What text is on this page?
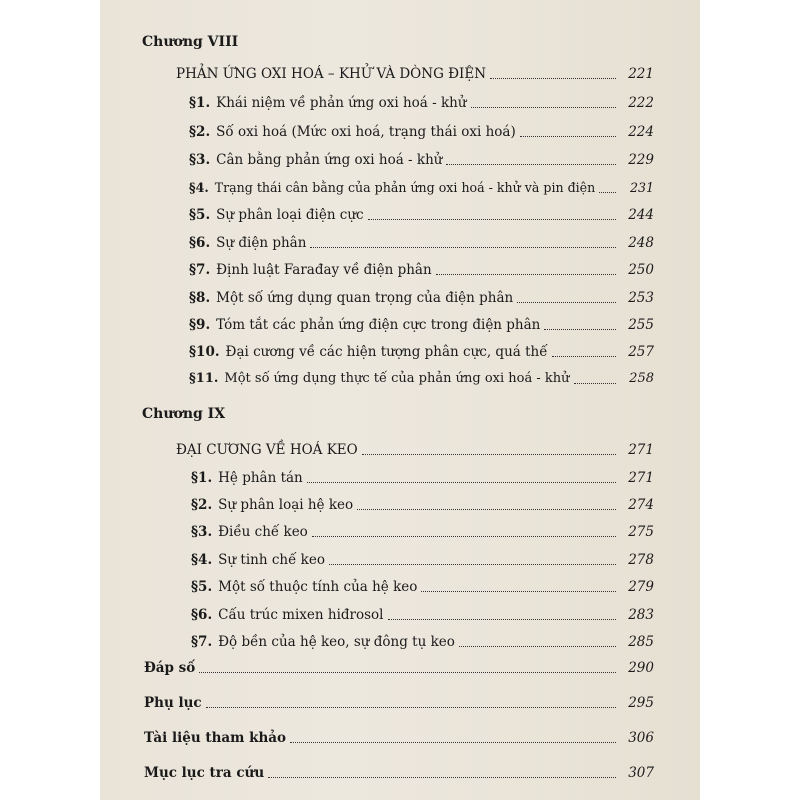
Chương VIII
PHẢN ỨNG OXI HOÁ – KHỬ VÀ DÒNG ĐIỆN	221
§1. Khái niệm về phản ứng oxi hoá - khử	222
§2. Số oxi hoá (Mức oxi hoá, trạng thái oxi hoá)	224
§3. Cân bằng phản ứng oxi hoá - khử	229
§4. Trạng thái cân bằng của phản ứng oxi hoá - khử và pin điện	231
§5. Sự phân loại điện cực	244
§6. Sự điện phân	248
§7. Định luật Farađay về điện phân	250
§8. Một số ứng dụng quan trọng của điện phân	253
§9. Tóm tắt các phản ứng điện cực trong điện phân	255
§10. Đại cương về các hiện tượng phân cực, quá thế	257
§11. Một số ứng dụng thực tế của phản ứng oxi hoá - khử	258
Chương IX
ĐẠI CƯƠNG VỀ HOÁ KEO	271
§1. Hệ phân tán	271
§2. Sự phân loại hệ keo	274
§3. Điều chế keo	275
§4. Sự tinh chế keo	278
§5. Một số thuộc tính của hệ keo	279
§6. Cấu trúc mixen hiđrosol	283
§7. Độ bền của hệ keo, sự đông tụ keo	285
Đáp số	290
Phụ lục	295
Tài liệu tham khảo	306
Mục lục tra cứu	307
